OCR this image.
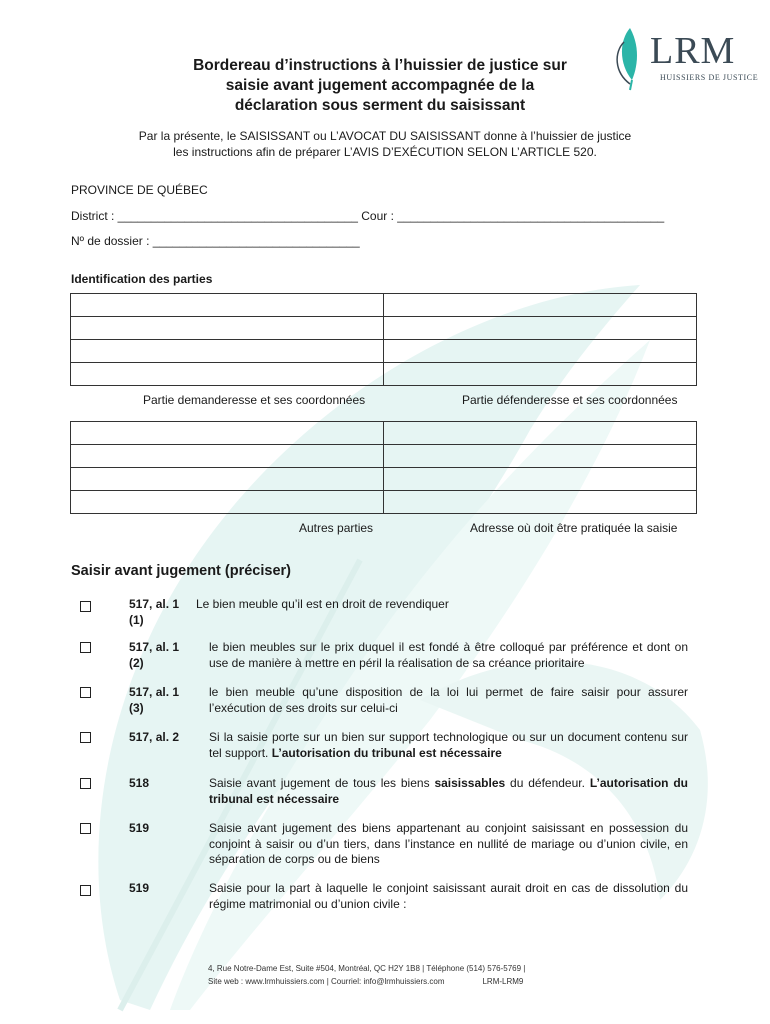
Bordereau d’instructions à l’huissier de justice sur
saisie avant jugement accompagnée de la
déclaration sous serment du saisissant
LRM
HUISSIERS DE JUSTICE
Par la présente, le SAISISSANT ou L’AVOCAT DU SAISISSANT donne à l’huissier de justice
les instructions afin de préparer L’AVIS D’EXÉCUTION SELON L’ARTICLE 520.
PROVINCE DE QUÉBEC
District : ____________________________________ Cour : ________________________________________
Nº de dossier : _______________________________
Identification des parties

Partie demanderesse et ses coordonnées	Partie défenderesse et ses coordonnées

Autres parties	Adresse où doit être pratiquée la saisie
Saisir avant jugement (préciser)
517, al. 1 (1)
Le bien meuble qu’il est en droit de revendiquer
517, al. 1 (2)
le bien meubles sur le prix duquel il est fondé à être colloqué par préférence et dont on use de manière à mettre en péril la réalisation de sa créance prioritaire
517, al. 1 (3)
le bien meuble qu’une disposition de la loi lui permet de faire saisir pour assurer l’exécution de ses droits sur celui-ci
517, al. 2	Si la saisie porte sur un bien sur support technologique ou sur un document contenu sur tel support. L’autorisation du tribunal est nécessaire
518	Saisie avant jugement de tous les biens saisissables du défendeur. L’autorisation du tribunal est nécessaire
519	Saisie avant jugement des biens appartenant au conjoint saisissant en possession du conjoint à saisir ou d’un tiers, dans l’instance en nullité de mariage ou d’union civile, en séparation de corps ou de biens
519	Saisie pour la part à laquelle le conjoint saisissant aurait droit en cas de dissolution du régime matrimonial ou d’union civile :
4, Rue Notre-Dame Est, Suite #504, Montréal, QC H2Y 1B8 | Téléphone (514) 576-5769 |
Site web : www.lrmhuissiers.com | Courriel: info@lrmhuissiers.com	LRM-LRM9
